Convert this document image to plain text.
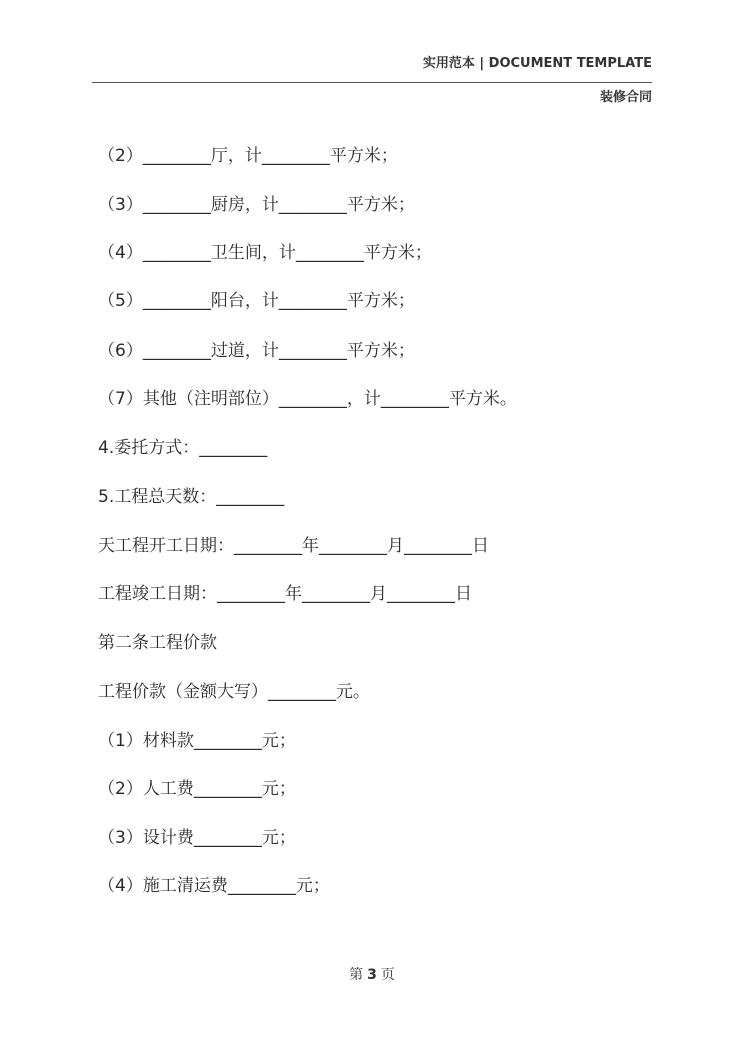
实用范本 | DOCUMENT TEMPLATE
装修合同
（2）________厅，计________平方米；
（3）________厨房，计________平方米；
（4）________卫生间，计________平方米；
（5）________阳台，计________平方米；
（6）________过道，计________平方米；
（7）其他（注明部位）________，计________平方米。
4.委托方式：________
5.工程总天数：________
天工程开工日期：________年________月________日
工程竣工日期：________年________月________日
第二条工程价款
工程价款（金额大写）________元。
（1）材料款________元；
（2）人工费________元；
（3）设计费________元；
（4）施工清运费________元；
第 3 页
